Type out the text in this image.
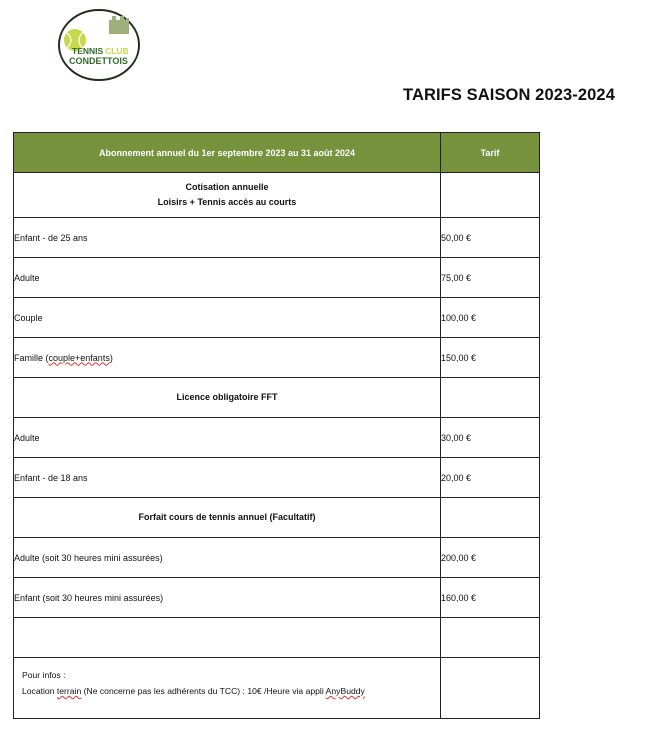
TENNIS CLUB
CONDETTOIS
TARIFS SAISON 2023-2024
Abonnement annuel du 1er septembre 2023 au 31 août 2024	Tarif

Cotisation annuelle
Loisirs + Tennis accès au courts	

Enfant - de 25 ans	50,00 €
Adulte	75,00 €
Couple	100,00 €
Famille (couple+enfants)	150,00 €
Licence obligatoire FFT	
Adulte	30,00 €
Enfant - de 18 ans	20,00 €
Forfait cours de tennis annuel (Facultatif)	
Adulte (soit 30 heures mini assurées)	200,00 €
Enfant (soit 30 heures mini assurées)	160,00 €

Pour infos :
Location terrain (Ne concerne pas les adhérents du TCC) : 10€ /Heure via appli AnyBuddy	
